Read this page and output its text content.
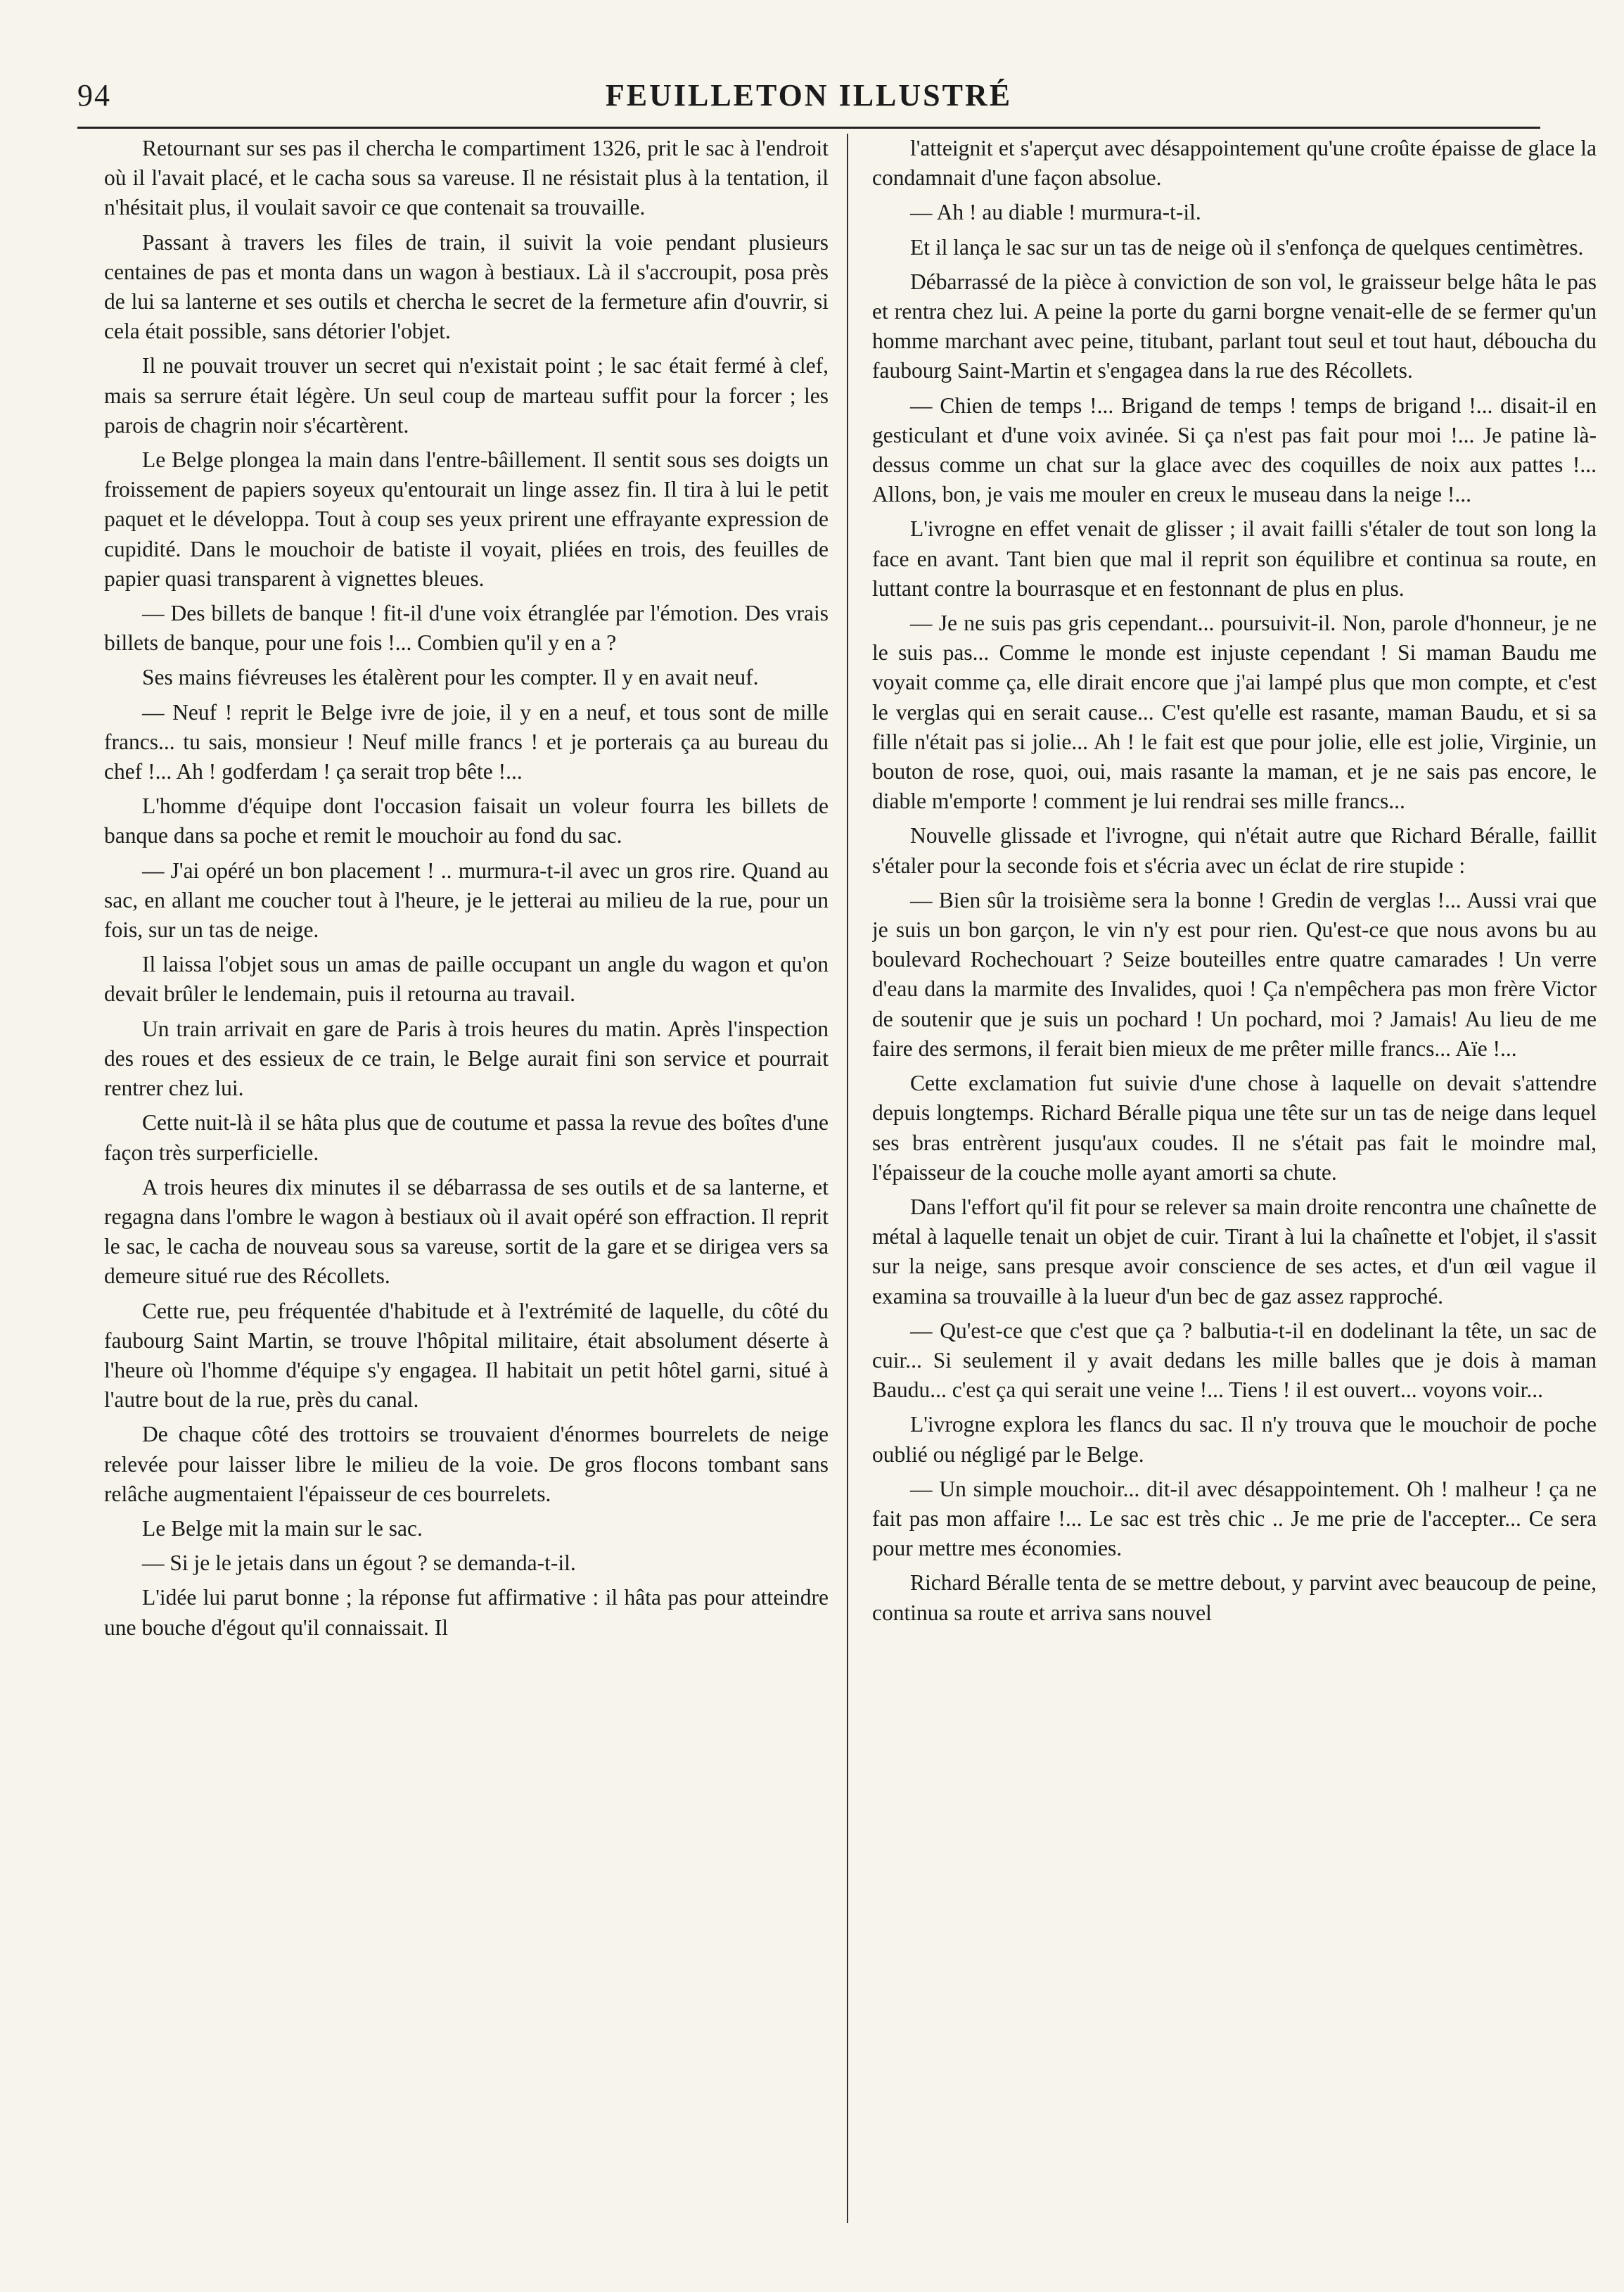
94	FEUILLETON ILLUSTRÉ

Retournant sur ses pas il chercha le compartiment 1326, prit le sac à l'endroit où il l'avait placé, et le cacha sous sa vareuse. Il ne résistait plus à la tentation, il n'hésitait plus, il voulait savoir ce que contenait sa trouvaille.

Passant à travers les files de train, il suivit la voie pendant plusieurs centaines de pas et monta dans un wagon à bestiaux. Là il s'accroupit, posa près de lui sa lanterne et ses outils et chercha le secret de la fermeture afin d'ouvrir, si cela était possible, sans détorier l'objet.

Il ne pouvait trouver un secret qui n'existait point ; le sac était fermé à clef, mais sa serrure était légère. Un seul coup de marteau suffit pour la forcer ; les parois de chagrin noir s'écartèrent.

Le Belge plongea la main dans l'entre-bâillement. Il sentit sous ses doigts un froissement de papiers soyeux qu'entourait un linge assez fin. Il tira à lui le petit paquet et le développa. Tout à coup ses yeux prirent une effrayante expression de cupidité. Dans le mouchoir de batiste il voyait, pliées en trois, des feuilles de papier quasi transparent à vignettes bleues.

— Des billets de banque ! fit-il d'une voix étranglée par l'émotion. Des vrais billets de banque, pour une fois !... Combien qu'il y en a ?

Ses mains fiévreuses les étalèrent pour les compter. Il y en avait neuf.

— Neuf ! reprit le Belge ivre de joie, il y en a neuf, et tous sont de mille francs... tu sais, monsieur ! Neuf mille francs ! et je porterais ça au bureau du chef !... Ah ! godferdam ! ça serait trop bête !...

L'homme d'équipe dont l'occasion faisait un voleur fourra les billets de banque dans sa poche et remit le mouchoir au fond du sac.

— J'ai opéré un bon placement ! .. murmura-t-il avec un gros rire. Quand au sac, en allant me coucher tout à l'heure, je le jetterai au milieu de la rue, pour un fois, sur un tas de neige.

Il laissa l'objet sous un amas de paille occupant un angle du wagon et qu'on devait brûler le lendemain, puis il retourna au travail.

Un train arrivait en gare de Paris à trois heures du matin. Après l'inspection des roues et des essieux de ce train, le Belge aurait fini son service et pourrait rentrer chez lui.

Cette nuit-là il se hâta plus que de coutume et passa la revue des boîtes d'une façon très surperficielle.

A trois heures dix minutes il se débarrassa de ses outils et de sa lanterne, et regagna dans l'ombre le wagon à bestiaux où il avait opéré son effraction. Il reprit le sac, le cacha de nouveau sous sa vareuse, sortit de la gare et se dirigea vers sa demeure situé rue des Récollets.

Cette rue, peu fréquentée d'habitude et à l'extrémité de laquelle, du côté du faubourg Saint Martin, se trouve l'hôpital militaire, était absolument déserte à l'heure où l'homme d'équipe s'y engagea. Il habitait un petit hôtel garni, situé à l'autre bout de la rue, près du canal.

De chaque côté des trottoirs se trouvaient d'énormes bourrelets de neige relevée pour laisser libre le milieu de la voie. De gros flocons tombant sans relâche augmentaient l'épaisseur de ces bourrelets.

Le Belge mit la main sur le sac.

— Si je le jetais dans un égout ? se demanda-t-il.

L'idée lui parut bonne ; la réponse fut affirmative : il hâta pas pour atteindre une bouche d'égout qu'il connaissait. Il

l'atteignit et s'aperçut avec désappointement qu'une croûte épaisse de glace la condamnait d'une façon absolue.

— Ah ! au diable ! murmura-t-il.

Et il lança le sac sur un tas de neige où il s'enfonça de quelques centimètres.

Débarrassé de la pièce à conviction de son vol, le graisseur belge hâta le pas et rentra chez lui. A peine la porte du garni borgne venait-elle de se fermer qu'un homme marchant avec peine, titubant, parlant tout seul et tout haut, déboucha du faubourg Saint-Martin et s'engagea dans la rue des Récollets.

— Chien de temps !... Brigand de temps ! temps de brigand !... disait-il en gesticulant et d'une voix avinée. Si ça n'est pas fait pour moi !... Je patine là-dessus comme un chat sur la glace avec des coquilles de noix aux pattes !... Allons, bon, je vais me mouler en creux le museau dans la neige !...

L'ivrogne en effet venait de glisser ; il avait failli s'étaler de tout son long la face en avant. Tant bien que mal il reprit son équilibre et continua sa route, en luttant contre la bourrasque et en festonnant de plus en plus.

— Je ne suis pas gris cependant... poursuivit-il. Non, parole d'honneur, je ne le suis pas... Comme le monde est injuste cependant ! Si maman Baudu me voyait comme ça, elle dirait encore que j'ai lampé plus que mon compte, et c'est le verglas qui en serait cause... C'est qu'elle est rasante, maman Baudu, et si sa fille n'était pas si jolie... Ah ! le fait est que pour jolie, elle est jolie, Virginie, un bouton de rose, quoi, oui, mais rasante la maman, et je ne sais pas encore, le diable m'emporte ! comment je lui rendrai ses mille francs...

Nouvelle glissade et l'ivrogne, qui n'était autre que Richard Béralle, faillit s'étaler pour la seconde fois et s'écria avec un éclat de rire stupide :

— Bien sûr la troisième sera la bonne ! Gredin de verglas !... Aussi vrai que je suis un bon garçon, le vin n'y est pour rien. Qu'est-ce que nous avons bu au boulevard Rochechouart ? Seize bouteilles entre quatre camarades ! Un verre d'eau dans la marmite des Invalides, quoi ! Ça n'empêchera pas mon frère Victor de soutenir que je suis un pochard ! Un pochard, moi ? Jamais! Au lieu de me faire des sermons, il ferait bien mieux de me prêter mille francs... Aïe !...

Cette exclamation fut suivie d'une chose à laquelle on devait s'attendre depuis longtemps. Richard Béralle piqua une tête sur un tas de neige dans lequel ses bras entrèrent jusqu'aux coudes. Il ne s'était pas fait le moindre mal, l'épaisseur de la couche molle ayant amorti sa chute.

Dans l'effort qu'il fit pour se relever sa main droite rencontra une chaînette de métal à laquelle tenait un objet de cuir. Tirant à lui la chaînette et l'objet, il s'assit sur la neige, sans presque avoir conscience de ses actes, et d'un œil vague il examina sa trouvaille à la lueur d'un bec de gaz assez rapproché.

— Qu'est-ce que c'est que ça ? balbutia-t-il en dodelinant la tête, un sac de cuir... Si seulement il y avait dedans les mille balles que je dois à maman Baudu... c'est ça qui serait une veine !... Tiens ! il est ouvert... voyons voir...

L'ivrogne explora les flancs du sac. Il n'y trouva que le mouchoir de poche oublié ou négligé par le Belge.

— Un simple mouchoir... dit-il avec désappointement. Oh ! malheur ! ça ne fait pas mon affaire !... Le sac est très chic .. Je me prie de l'accepter... Ce sera pour mettre mes économies.

Richard Béralle tenta de se mettre debout, y parvint avec beaucoup de peine, continua sa route et arriva sans nouvel
